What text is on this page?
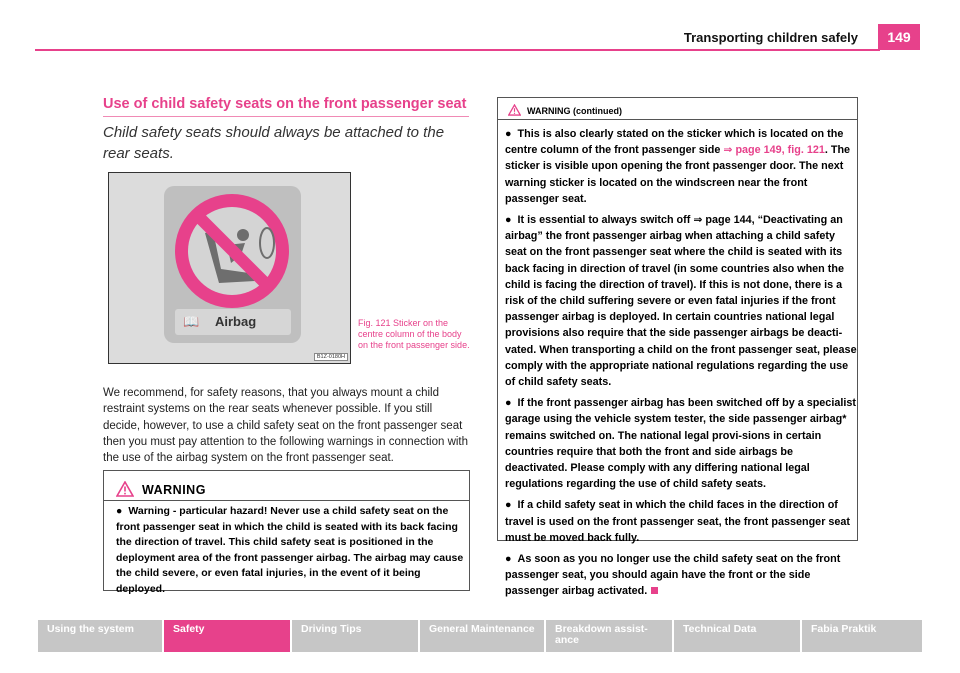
Transporting children safely	149
Use of child safety seats on the front passenger seat
Child safety seats should always be attached to the rear seats.
📖 Airbag
B1Z-0180H
Fig. 121 Sticker on the centre column of the body on the front passenger side.
We recommend, for safety reasons, that you always mount a child restraint systems on the rear seats whenever possible. If you still decide, however, to use a child safety seat on the front passenger seat then you must pay attention to the following warnings in connection with the use of the airbag system on the front passenger seat.
WARNING
● Warning - particular hazard! Never use a child safety seat on the front passenger seat in which the child is seated with its back facing the direction of travel. This child safety seat is positioned in the deployment area of the front passenger airbag. The airbag may cause the child severe, or even fatal injuries, in the event of it being deployed.
WARNING (continued)
● This is also clearly stated on the sticker which is located on the centre column of the front passenger side ⇒ page 149, fig. 121. The sticker is visible upon opening the front passenger door. The next warning sticker is located on the windscreen near the front passenger seat.
● It is essential to always switch off ⇒ page 144, “Deactivating an airbag” the front passenger airbag when attaching a child safety seat on the front passenger seat where the child is seated with its back facing in direction of travel (in some countries also when the child is facing the direction of travel). If this is not done, there is a risk of the child suffering severe or even fatal injuries if the front passenger airbag is deployed. In certain countries national legal provisions also require that the side passenger airbags be deacti-vated. When transporting a child on the front passenger seat, please comply with the appropriate national regulations regarding the use of child safety seats.
● If the front passenger airbag has been switched off by a specialist garage using the vehicle system tester, the side passenger airbag* remains switched on. The national legal provi-sions in certain countries require that both the front and side airbags be deactivated. Please comply with any differing national legal regulations regarding the use of child safety seats.
● If a child safety seat in which the child faces in the direction of travel is used on the front passenger seat, the front passenger seat must be moved back fully.
● As soon as you no longer use the child safety seat on the front passenger seat, you should again have the front or the side passenger airbag activated.
Using the system	Safety	Driving Tips	General Maintenance	Breakdown assist- ance
Technical Data	Fabia Praktik
